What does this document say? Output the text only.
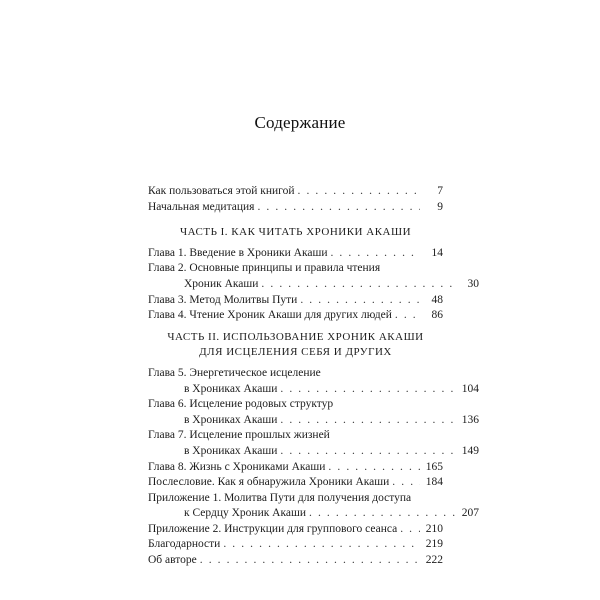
Содержание
Как пользоваться этой книгой . . .	7
Начальная медитация . . .	9
ЧАСТЬ I. КАК ЧИТАТЬ ХРОНИКИ АКАШИ
Глава 1. Введение в Хроники Акаши . . .	14
Глава 2. Основные принципы и правила чтения
Хроник Акаши . . .	30
Глава 3. Метод Молитвы Пути . . .	48
Глава 4. Чтение Хроник Акаши для других людей . . .	86
ЧАСТЬ II. ИСПОЛЬЗОВАНИЕ ХРОНИК АКАШИ
ДЛЯ ИСЦЕЛЕНИЯ СЕБЯ И ДРУГИХ
Глава 5. Энергетическое исцеление
в Хрониках Акаши . . .	104
Глава 6. Исцеление родовых структур
в Хрониках Акаши . . .	136
Глава 7. Исцеление прошлых жизней
в Хрониках Акаши . . .	149
Глава 8. Жизнь с Хрониками Акаши . . .	165
Послесловие. Как я обнаружила Хроники Акаши . . .	184
Приложение 1. Молитва Пути для получения доступа
к Сердцу Хроник Акаши . . .	207
Приложение 2. Инструкции для группового сеанса . . . 210
Благодарности . . .	219
Об авторе . . .	222
